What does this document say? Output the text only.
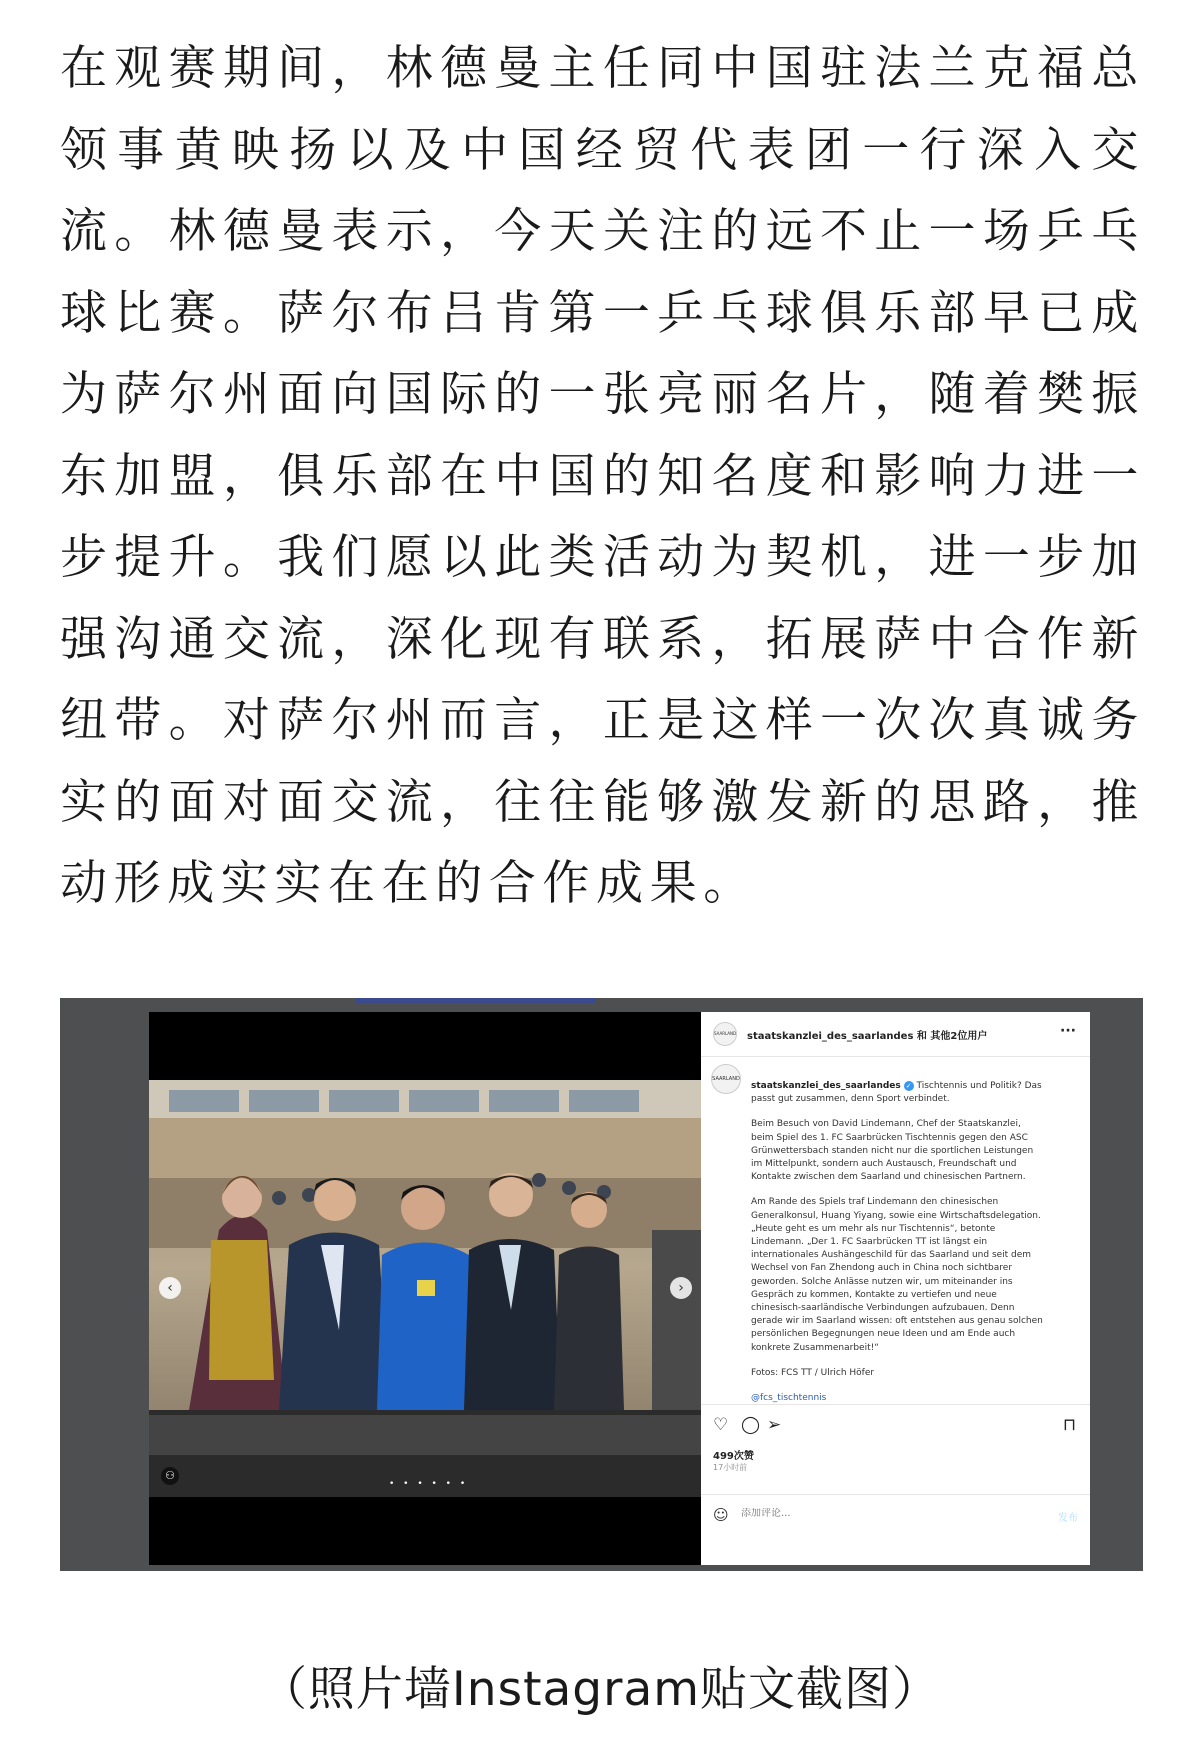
在观赛期间，林德曼主任同中国驻法兰克福总领事黄映扬以及中国经贸代表团一行深入交流。林德曼表示，今天关注的远不止一场乒乓球比赛。萨尔布吕肯第一乒乓球俱乐部早已成为萨尔州面向国际的一张亮丽名片，随着樊振东加盟，俱乐部在中国的知名度和影响力进一步提升。我们愿以此类活动为契机，进一步加强沟通交流，深化现有联系，拓展萨中合作新纽带。对萨尔州而言，正是这样一次次真诚务实的面对面交流，往往能够激发新的思路，推动形成实实在在的合作成果。

‹	›
⚇
• • • • • •
SAARLAND staatskanzlei_des_saarlandes 和 其他2位用户	···
SAARLAND

staatskanzlei_des_saarlandes ✓ Tischtennis und Politik? Das passt gut zusammen, denn Sport verbindet.

Beim Besuch von David Lindemann, Chef der Staatskanzlei, beim Spiel des 1. FC Saarbrücken Tischtennis gegen den ASC Grünwettersbach standen nicht nur die sportlichen Leistungen im Mittelpunkt, sondern auch Austausch, Freundschaft und Kontakte zwischen dem Saarland und chinesischen Partnern.

Am Rande des Spiels traf Lindemann den chinesischen Generalkonsul, Huang Yiyang, sowie eine Wirtschaftsdelegation. „Heute geht es um mehr als nur Tischtennis“, betonte Lindemann. „Der 1. FC Saarbrücken TT ist längst ein internationales Aushängeschild für das Saarland und seit dem Wechsel von Fan Zhendong auch in China noch sichtbarer geworden. Solche Anlässe nutzen wir, um miteinander ins Gespräch zu kommen, Kontakte zu vertiefen und neue chinesisch-saarländische Verbindungen aufzubauen. Denn gerade wir im Saarland wissen: oft entstehen aus genau solchen persönlichen Begegnungen neue Ideen und am Ende auch konkrete Zusammenarbeit!“

Fotos: FCS TT / Ulrich Höfer

@fcs_tischtennis

♡ ◯ ➢	⊓
499次赞
17小时前
☺
添加评论...	发布
（照片墙Instagram贴文截图）
